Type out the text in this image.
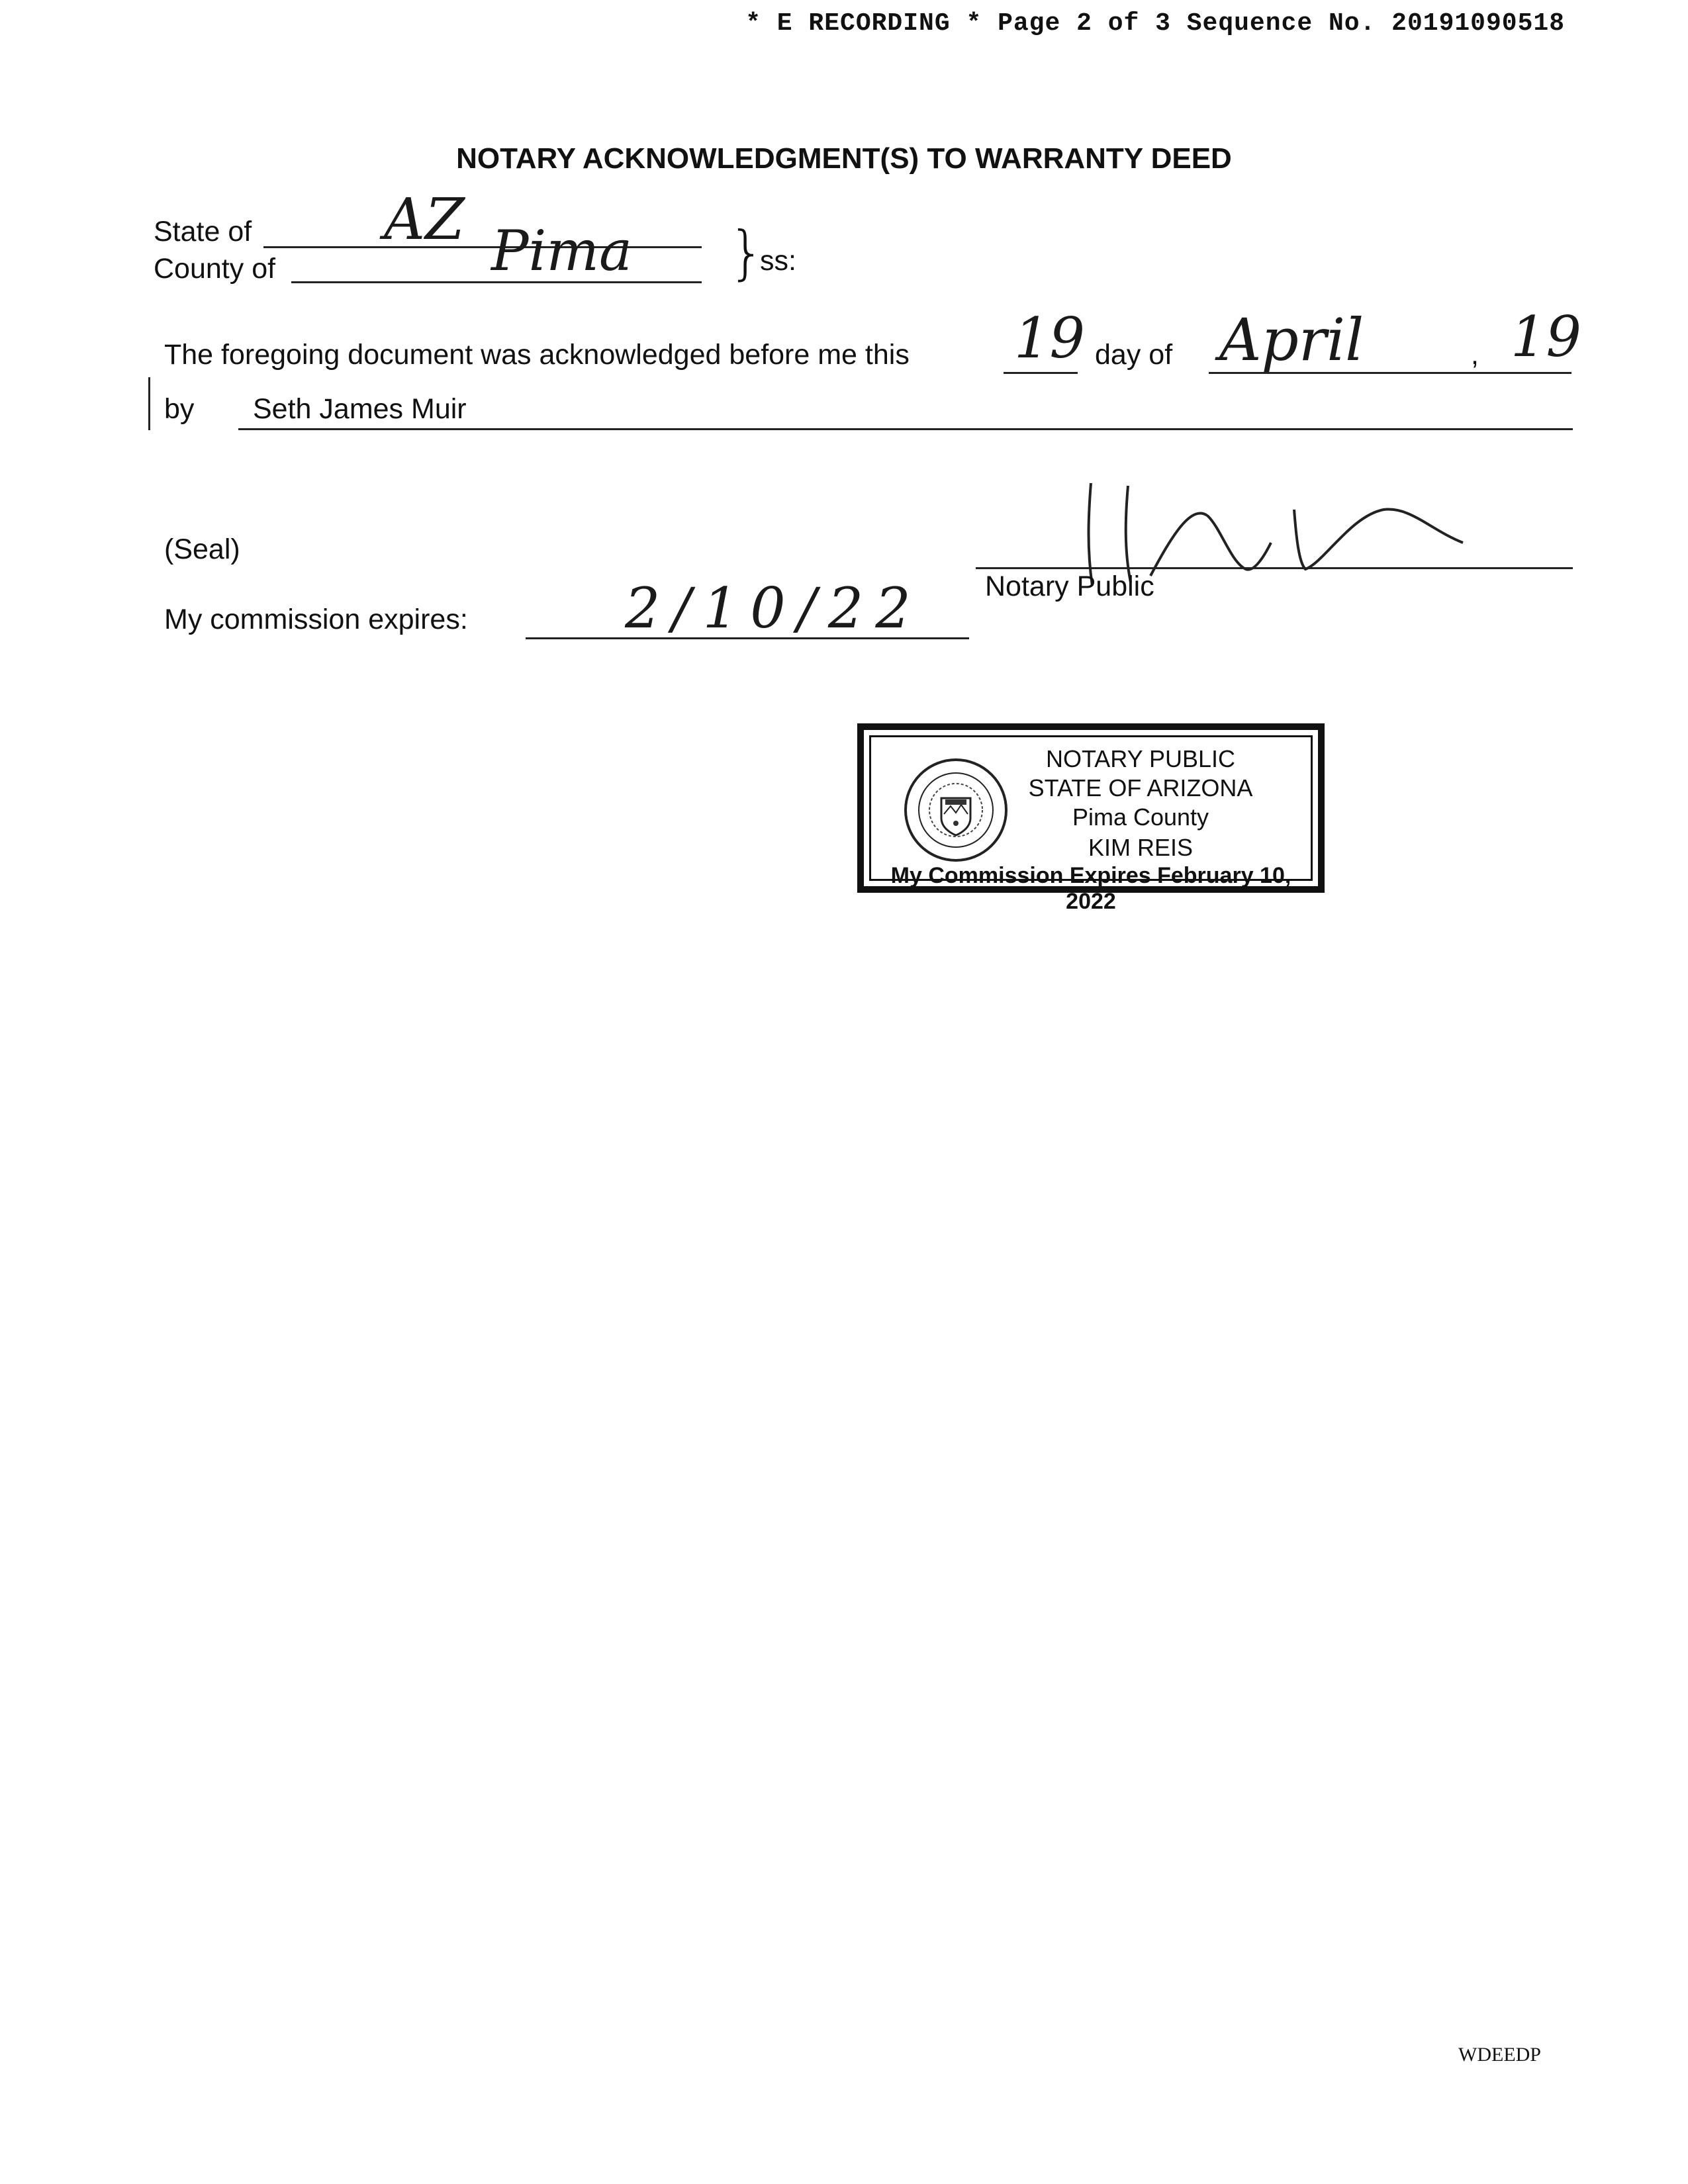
* E RECORDING * Page 2 of 3 Sequence No. 20191090518
NOTARY ACKNOWLEDGMENT(S) TO WARRANTY DEED
State of AZ
County of	Pima }
ss:
The foregoing document was acknowledged before me this 19 day of April	, 19
by Seth James Muir
(Seal)
Notary Public
My commission expires:	2/10/22
NOTARY PUBLIC
STATE OF ARIZONA
Pima County
KIM REIS
My Commission Expires February 10, 2022
WDEEDP
